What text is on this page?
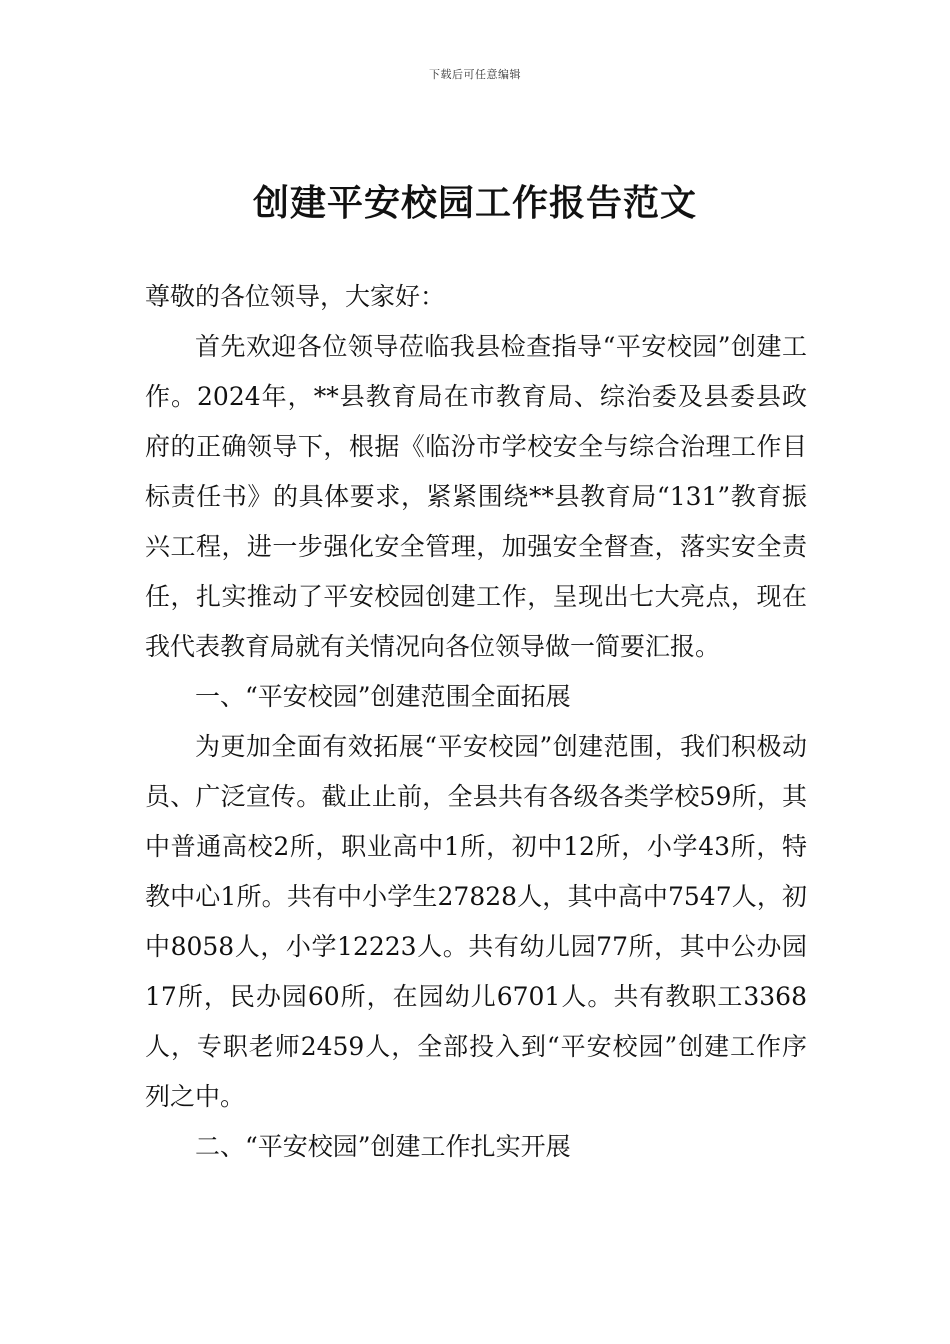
下载后可任意编辑
创建平安校园工作报告范文

尊敬的各位领导，大家好：

首先欢迎各位领导莅临我县检查指导“平安校园”创建工作。2024年，**县教育局在市教育局、综治委及县委县政府的正确领导下，根据《临汾市学校安全与综合治理工作目标责任书》的具体要求，紧紧围绕**县教育局“131”教育振兴工程，进一步强化安全管理，加强安全督查，落实安全责任，扎实推动了平安校园创建工作，呈现出七大亮点，现在我代表教育局就有关情况向各位领导做一简要汇报。

一、“平安校园”创建范围全面拓展

为更加全面有效拓展“平安校园”创建范围，我们积极动员、广泛宣传。截止止前，全县共有各级各类学校59所，其中普通高校2所，职业高中1所，初中12所，小学43所，特教中心1所。共有中小学生27828人，其中高中7547人，初中8058人，小学12223人。共有幼儿园77所，其中公办园17所，民办园60所，在园幼儿6701人。共有教职工3368人，专职老师2459人，全部投入到“平安校园”创建工作序列之中。

二、“平安校园”创建工作扎实开展
